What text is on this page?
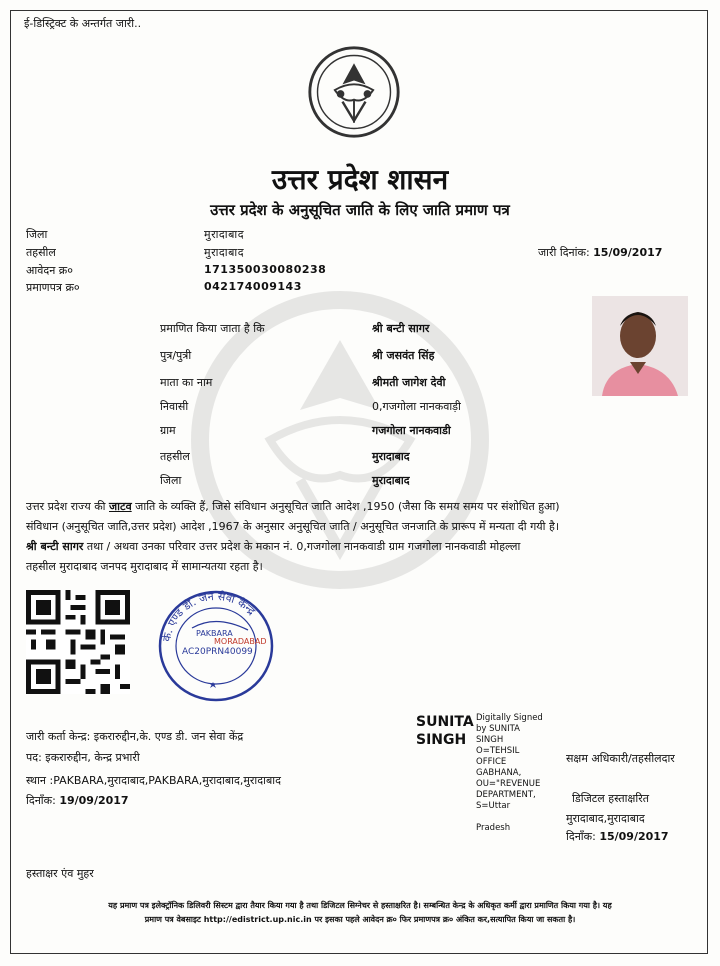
ई-डिस्ट्रिक्ट के अन्तर्गत जारी..
उत्तर प्रदेश शासन
उत्तर प्रदेश के अनुसूचित जाति के लिए जाति प्रमाण पत्र
जिला	मुरादाबाद
तहसील	मुरादाबाद
आवेदन क्र०	171350030080238
प्रमाणपत्र क्र०	042174009143
जारी दिनांक: 15/09/2017
प्रमाणित किया जाता है कि	श्री बन्टी सागर
पुत्र/पुत्री	श्री जसवंत सिंह
माता का नाम	श्रीमती जागेश देवी
निवासी	0,गजगोला नानकवाड़ी
ग्राम	गजगोला नानकवाडी
तहसील	मुरादाबाद
जिला	मुरादाबाद
उत्तर प्रदेश राज्य की जाटव जाति के व्यक्ति हैं, जिसे संविधान अनुसूचित जाति आदेश ,1950 (जैसा कि समय समय पर संशोधित हुआ)
संविधान (अनुसूचित जाति,उत्तर प्रदेश) आदेश ,1967 के अनुसार अनुसूचित जाति / अनुसूचित जनजाति के प्रारूप में मन्यता दी गयी है।
श्री बन्टी सागर तथा / अथवा उनका परिवार उत्तर प्रदेश के मकान नं. 0,गजगोला नानकवाडी ग्राम गजगोला नानकवाडी मोहल्ला
तहसील मुरादाबाद जनपद मुरादाबाद में सामान्यतया रहता है।
के. एण्ड डी. जन सेवा केन्द्र
PAKBARA
MORADABAD
AC20PRN40099
जारी कर्ता केन्द्र: इकरारुद्दीन,के. एण्ड डी. जन सेवा केंद्र
पद: इकरारुद्दीन, केन्द्र प्रभारी
स्थान :PAKBARA,मुरादाबाद,PAKBARA,मुरादाबाद,मुरादाबाद
दिनाँक: 19/09/2017
SUNITA
SINGH
Digitally Signed
by SUNITA
SINGH
O=TEHSIL
OFFICE
GABHANA,
OU="REVENUE
DEPARTMENT,
S=Uttar
Pradesh
सक्षम अधिकारी/तहसीलदार
डिजिटल हस्ताक्षरित
मुरादाबाद,मुरादाबाद
दिनाँक: 15/09/2017
हस्ताक्षर एंव मुहर
यह प्रमाण पत्र इलेक्ट्रॉनिक डिलिवरी सिस्टम द्वारा तैयार किया गया है तथा डिजिटल सिग्नेचर से हस्ताक्षरित है। सम्बन्धित केन्द्र के अधिकृत कर्मी द्वारा प्रमाणित किया गया है। यह
प्रमाण पत्र वेबसाइट http://edistrict.up.nic.in पर इसका पहले आवेदन क्र० फिर प्रमाणपत्र क्र० अंकित कर,सत्यापित किया जा सकता है।
